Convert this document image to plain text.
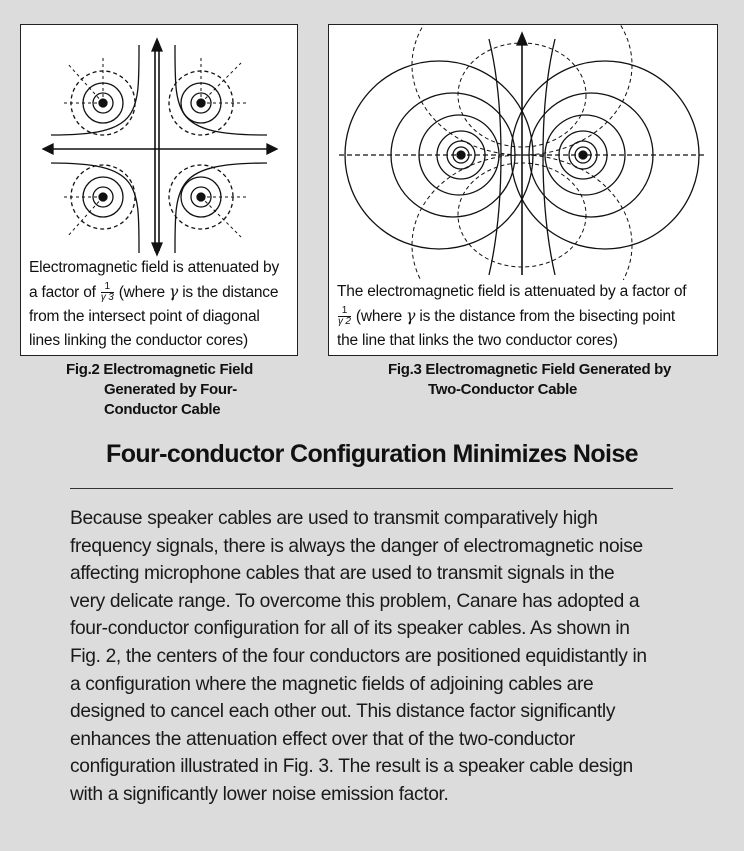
Electromagnetic field is attenuated by
a factor of $\frac{1}{\gamma 3}$ (where γ is the distance
from the intersect point of diagonal
lines linking the conductor cores)
The electromagnetic field is attenuated by a factor of
$\frac{1}{\gamma 2}$ (where γ is the distance from the bisecting point
the line that links the two conductor cores)
Fig.2 Electromagnetic Field
Generated by Four-
Conductor Cable
Fig.3 Electromagnetic Field Generated by
Two-Conductor Cable
Four-conductor Configuration Minimizes Noise
Because speaker cables are used to transmit comparatively high
frequency signals, there is always the danger of electromagnetic noise
affecting microphone cables that are used to transmit signals in the
very delicate range. To overcome this problem, Canare has adopted a
four-conductor configuration for all of its speaker cables. As shown in
Fig. 2, the centers of the four conductors are positioned equidistantly in
a configuration where the magnetic fields of adjoining cables are
designed to cancel each other out. This distance factor significantly
enhances the attenuation effect over that of the two-conductor
configuration illustrated in Fig. 3. The result is a speaker cable design
with a significantly lower noise emission factor.
